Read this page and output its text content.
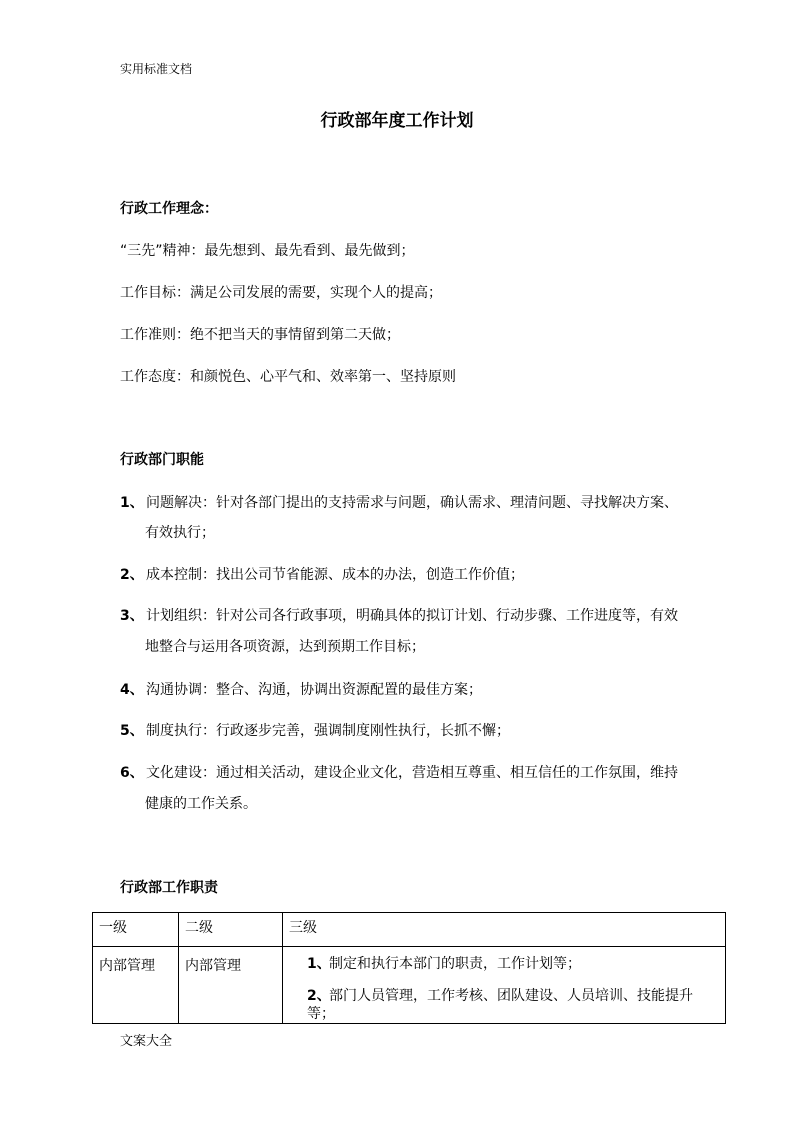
实用标准文档
行政部年度工作计划
行政工作理念：
“三先”精神：最先想到、最先看到、最先做到；
工作目标：满足公司发展的需要，实现个人的提高；
工作准则：绝不把当天的事情留到第二天做；
工作态度：和颜悦色、心平气和、效率第一、坚持原则
行政部门职能
1、 问题解决：针对各部门提出的支持需求与问题，确认需求、理清问题、寻找解决方案、
有效执行；
2、 成本控制：找出公司节省能源、成本的办法，创造工作价值；
3、 计划组织：针对公司各行政事项，明确具体的拟订计划、行动步骤、工作进度等，有效
地整合与运用各项资源，达到预期工作目标；
4、 沟通协调：整合、沟通，协调出资源配置的最佳方案；
5、 制度执行：行政逐步完善，强调制度刚性执行，长抓不懈；
6、 文化建设：通过相关活动，建设企业文化，营造相互尊重、相互信任的工作氛围，维持
健康的工作关系。
行政部工作职责
一级	二级	三级

内部管理	内部管理	1、制定和执行本部门的职责，工作计划等；
2、部门人员管理，工作考核、团队建设、人员培训、技能提升等；
文案大全
